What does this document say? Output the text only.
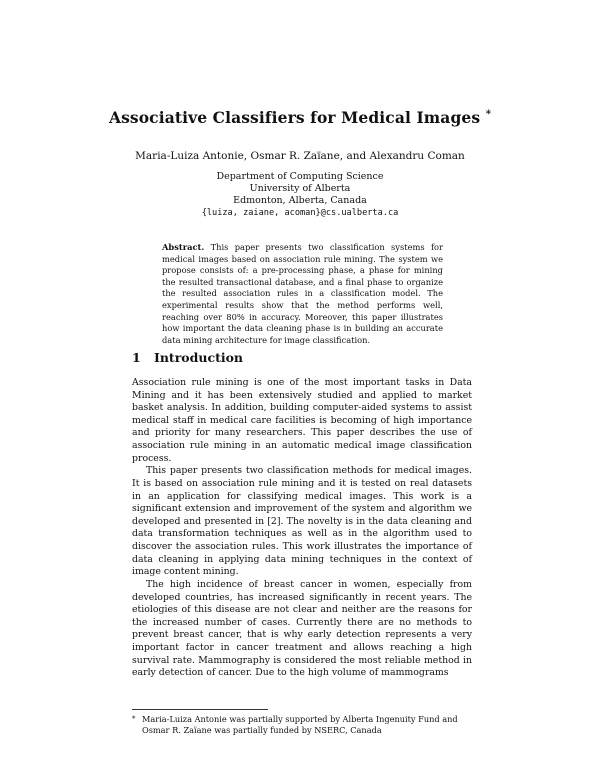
Associative Classifiers for Medical Images *
Maria-Luiza Antonie, Osmar R. Zaïane, and Alexandru Coman
Department of Computing Science
University of Alberta
Edmonton, Alberta, Canada
{luiza, zaiane, acoman}@cs.ualberta.ca
Abstract. This paper presents two classification systems for medical images based on association rule mining. The system we propose consists of: a pre-processing phase, a phase for mining the resulted transactional database, and a final phase to organize the resulted association rules in a classification model. The experimental results show that the method performs well, reaching over 80% in accuracy. Moreover, this paper illustrates how important the data cleaning phase is in building an accurate data mining architecture for image classification.
1 Introduction

Association rule mining is one of the most important tasks in Data Mining and it has been extensively studied and applied to market basket analysis. In addition, building computer-aided systems to assist medical staff in medical care facilities is becoming of high importance and priority for many researchers. This paper describes the use of association rule mining in an automatic medical image classification process.

This paper presents two classification methods for medical images. It is based on association rule mining and it is tested on real datasets in an application for classifying medical images. This work is a significant extension and improvement of the system and algorithm we developed and presented in [2]. The novelty is in the data cleaning and data transformation techniques as well as in the algorithm used to discover the association rules. This work illustrates the importance of data cleaning in applying data mining techniques in the context of image content mining.

The high incidence of breast cancer in women, especially from developed countries, has increased significantly in recent years. The etiologies of this disease are not clear and neither are the reasons for the increased number of cases. Currently there are no methods to prevent breast cancer, that is why early detection represents a very important factor in cancer treatment and allows reaching a high survival rate. Mammography is considered the most reliable method in early detection of cancer. Due to the high volume of mammograms

* Maria-Luiza Antonie was partially supported by Alberta Ingenuity Fund and Osmar R. Zaïane was partially funded by NSERC, Canada
